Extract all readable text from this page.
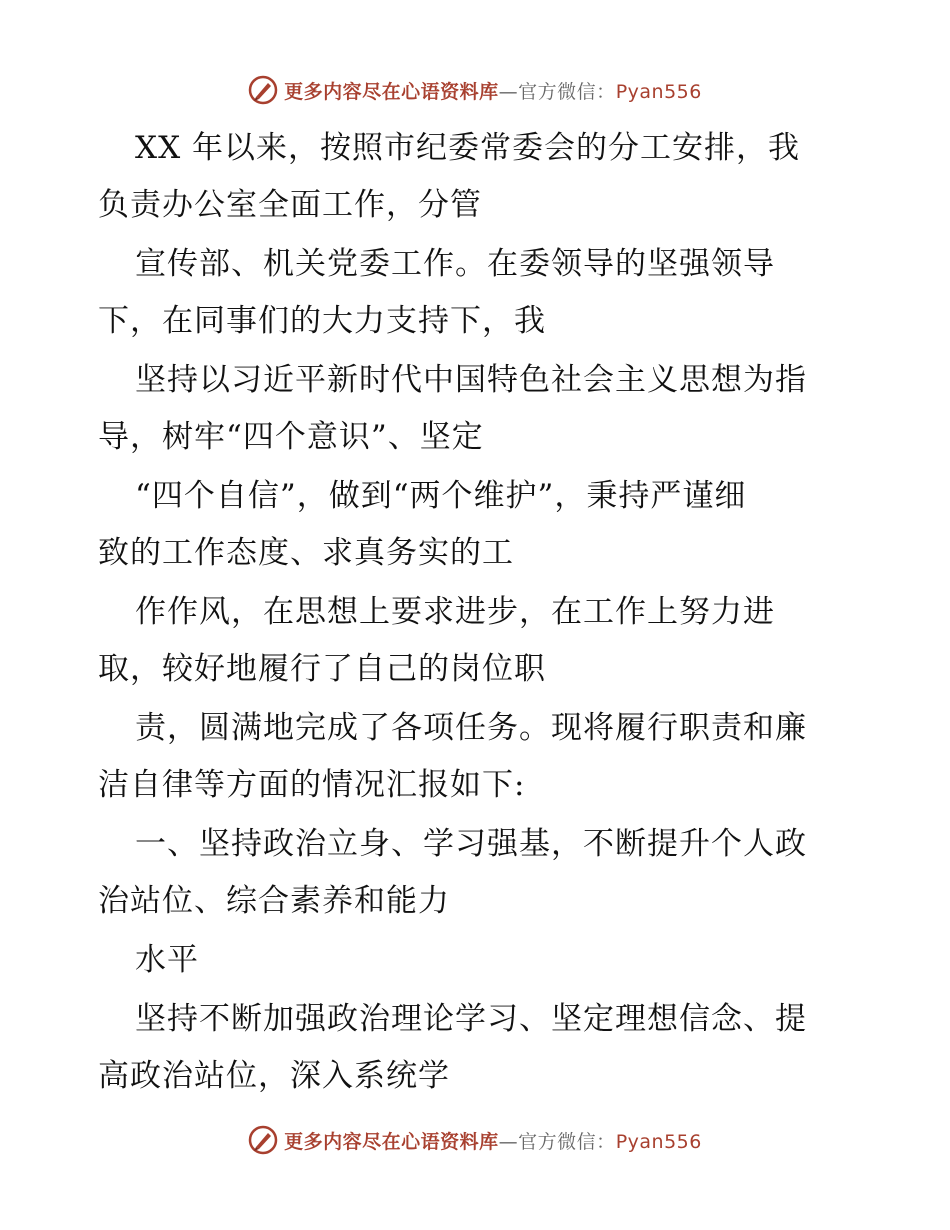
更多内容尽在心语资料库—官方微信：Pyan556
XX 年以来，按照市纪委常委会的分工安排，我
负责办公室全面工作，分管
宣传部、机关党委工作。在委领导的坚强领导
下，在同事们的大力支持下，我
坚持以习近平新时代中国特色社会主义思想为指
导，树牢“四个意识”、坚定
“四个自信”，做到“两个维护”，秉持严谨细
致的工作态度、求真务实的工
作作风，在思想上要求进步，在工作上努力进
取，较好地履行了自己的岗位职
责，圆满地完成了各项任务。现将履行职责和廉
洁自律等方面的情况汇报如下:
一、坚持政治立身、学习强基，不断提升个人政
治站位、综合素养和能力
水平
坚持不断加强政治理论学习、坚定理想信念、提
高政治站位，深入系统学
更多内容尽在心语资料库—官方微信：Pyan556
